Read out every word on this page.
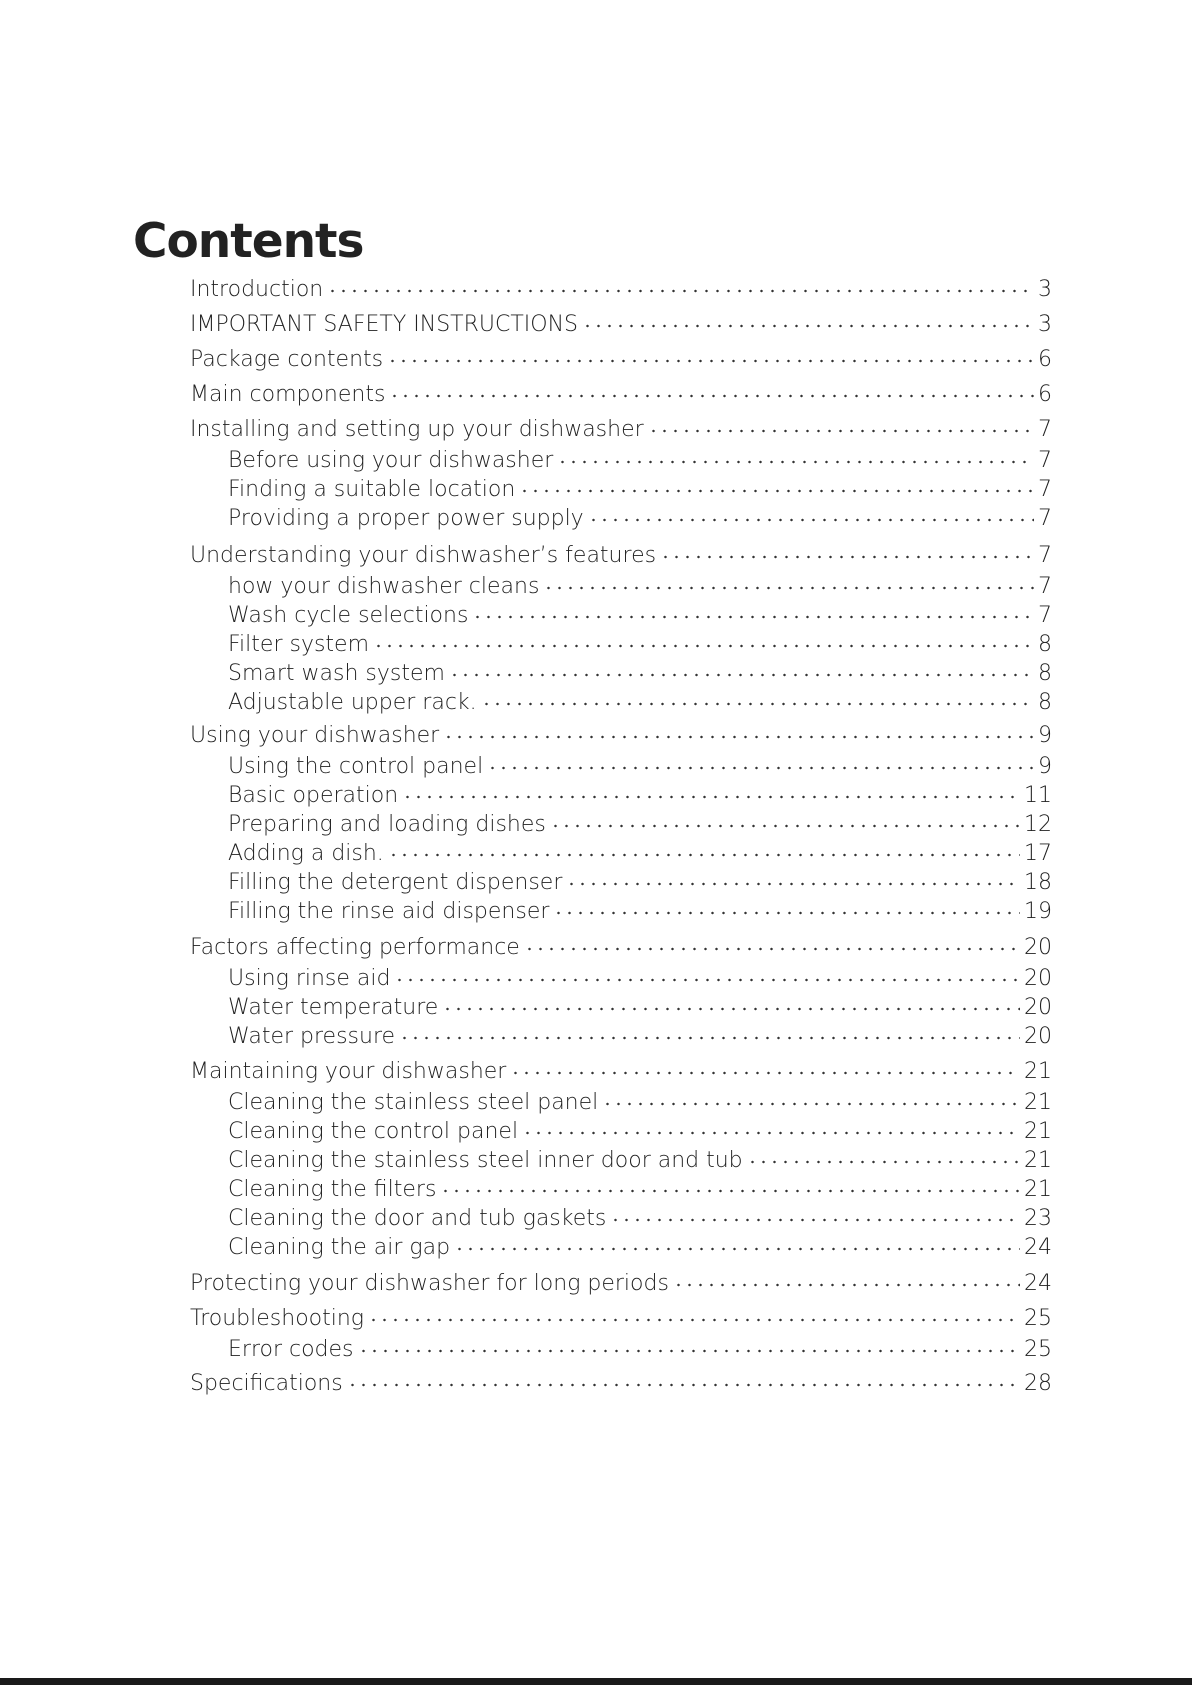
Contents
Introduction	3
IMPORTANT SAFETY INSTRUCTIONS	3
Package contents	6
Main components	6
Installing and setting up your dishwasher	7
Before using your dishwasher	7
Finding a suitable location	7
Providing a proper power supply	7
Understanding your dishwasher’s features	7
how your dishwasher cleans	7
Wash cycle selections	7
Filter system	8
Smart wash system	8
Adjustable upper rack.	8
Using your dishwasher	9
Using the control panel	9
Basic operation	11
Preparing and loading dishes	12
Adding a dish.	17
Filling the detergent dispenser	18
Filling the rinse aid dispenser	19
Factors affecting performance	20
Using rinse aid	20
Water temperature	20
Water pressure	20
Maintaining your dishwasher	21
Cleaning the stainless steel panel	21
Cleaning the control panel	21
Cleaning the stainless steel inner door and tub	21
Cleaning the filters	21
Cleaning the door and tub gaskets	23
Cleaning the air gap	24
Protecting your dishwasher for long periods	24
Troubleshooting	25
Error codes	25
Specifications	28
